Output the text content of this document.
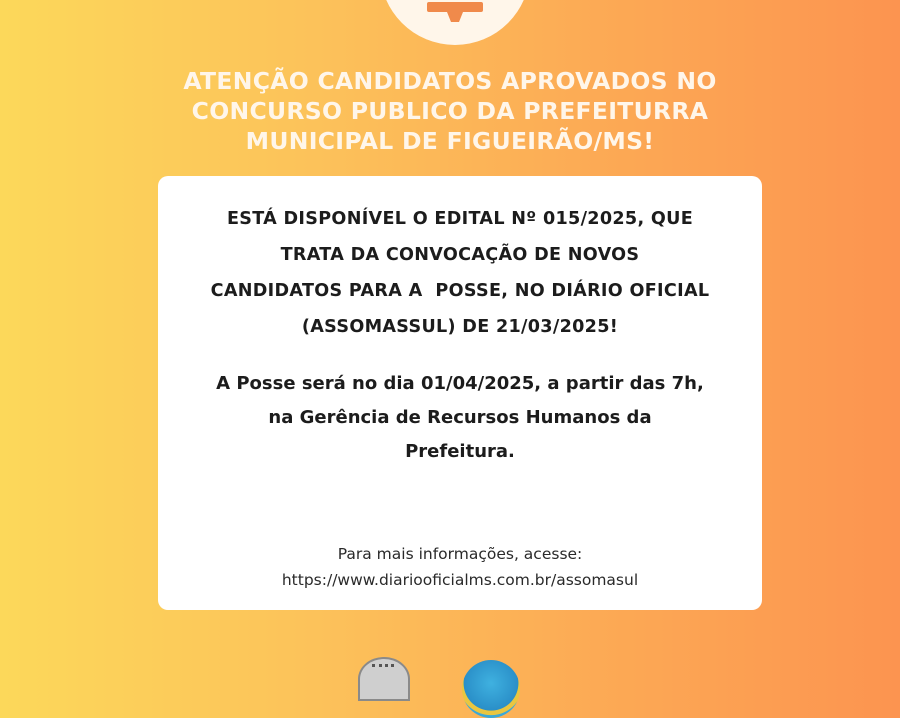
ATENÇÃO CANDIDATOS APROVADOS NO
CONCURSO PUBLICO DA PREFEITURRA
MUNICIPAL DE FIGUEIRÃO/MS!
ESTÁ DISPONÍVEL O EDITAL Nº 015/2025, QUE
TRATA DA CONVOCAÇÃO DE NOVOS
CANDIDATOS PARA A  POSSE, NO DIÁRIO OFICIAL
(ASSOMASSUL) DE 21/03/2025!
A Posse será no dia 01/04/2025, a partir das 7h,
na Gerência de Recursos Humanos da
Prefeitura.
Para mais informações, acesse:
https://www.diariooficialms.com.br/assomasul
